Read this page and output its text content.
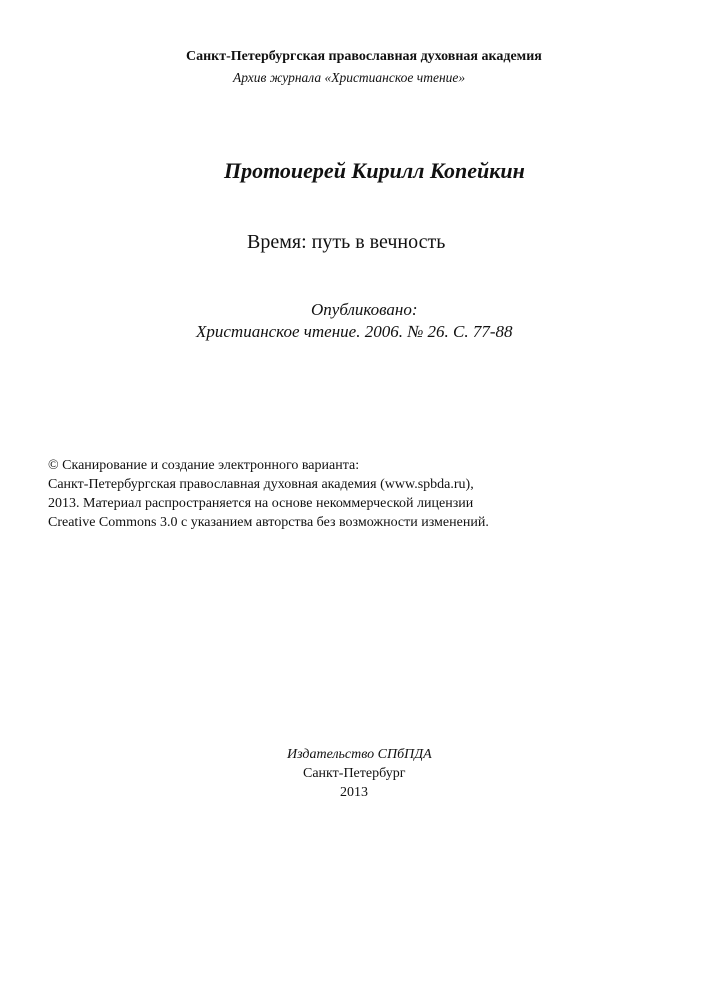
Санкт-Петербургская православная духовная академия
Архив журнала «Христианское чтение»
Протоиерей Кирилл Копейкин
Время: путь в вечность
Опубликовано:
Христианское чтение. 2006. № 26. С. 77-88
© Сканирование и создание электронного варианта:
Санкт-Петербургская православная духовная академия (www.spbda.ru),
2013. Материал распространяется на основе некоммерческой лицензии
Creative Commons 3.0 с указанием авторства без возможности изменений.
Издательство СПбПДА
Санкт-Петербург
2013
